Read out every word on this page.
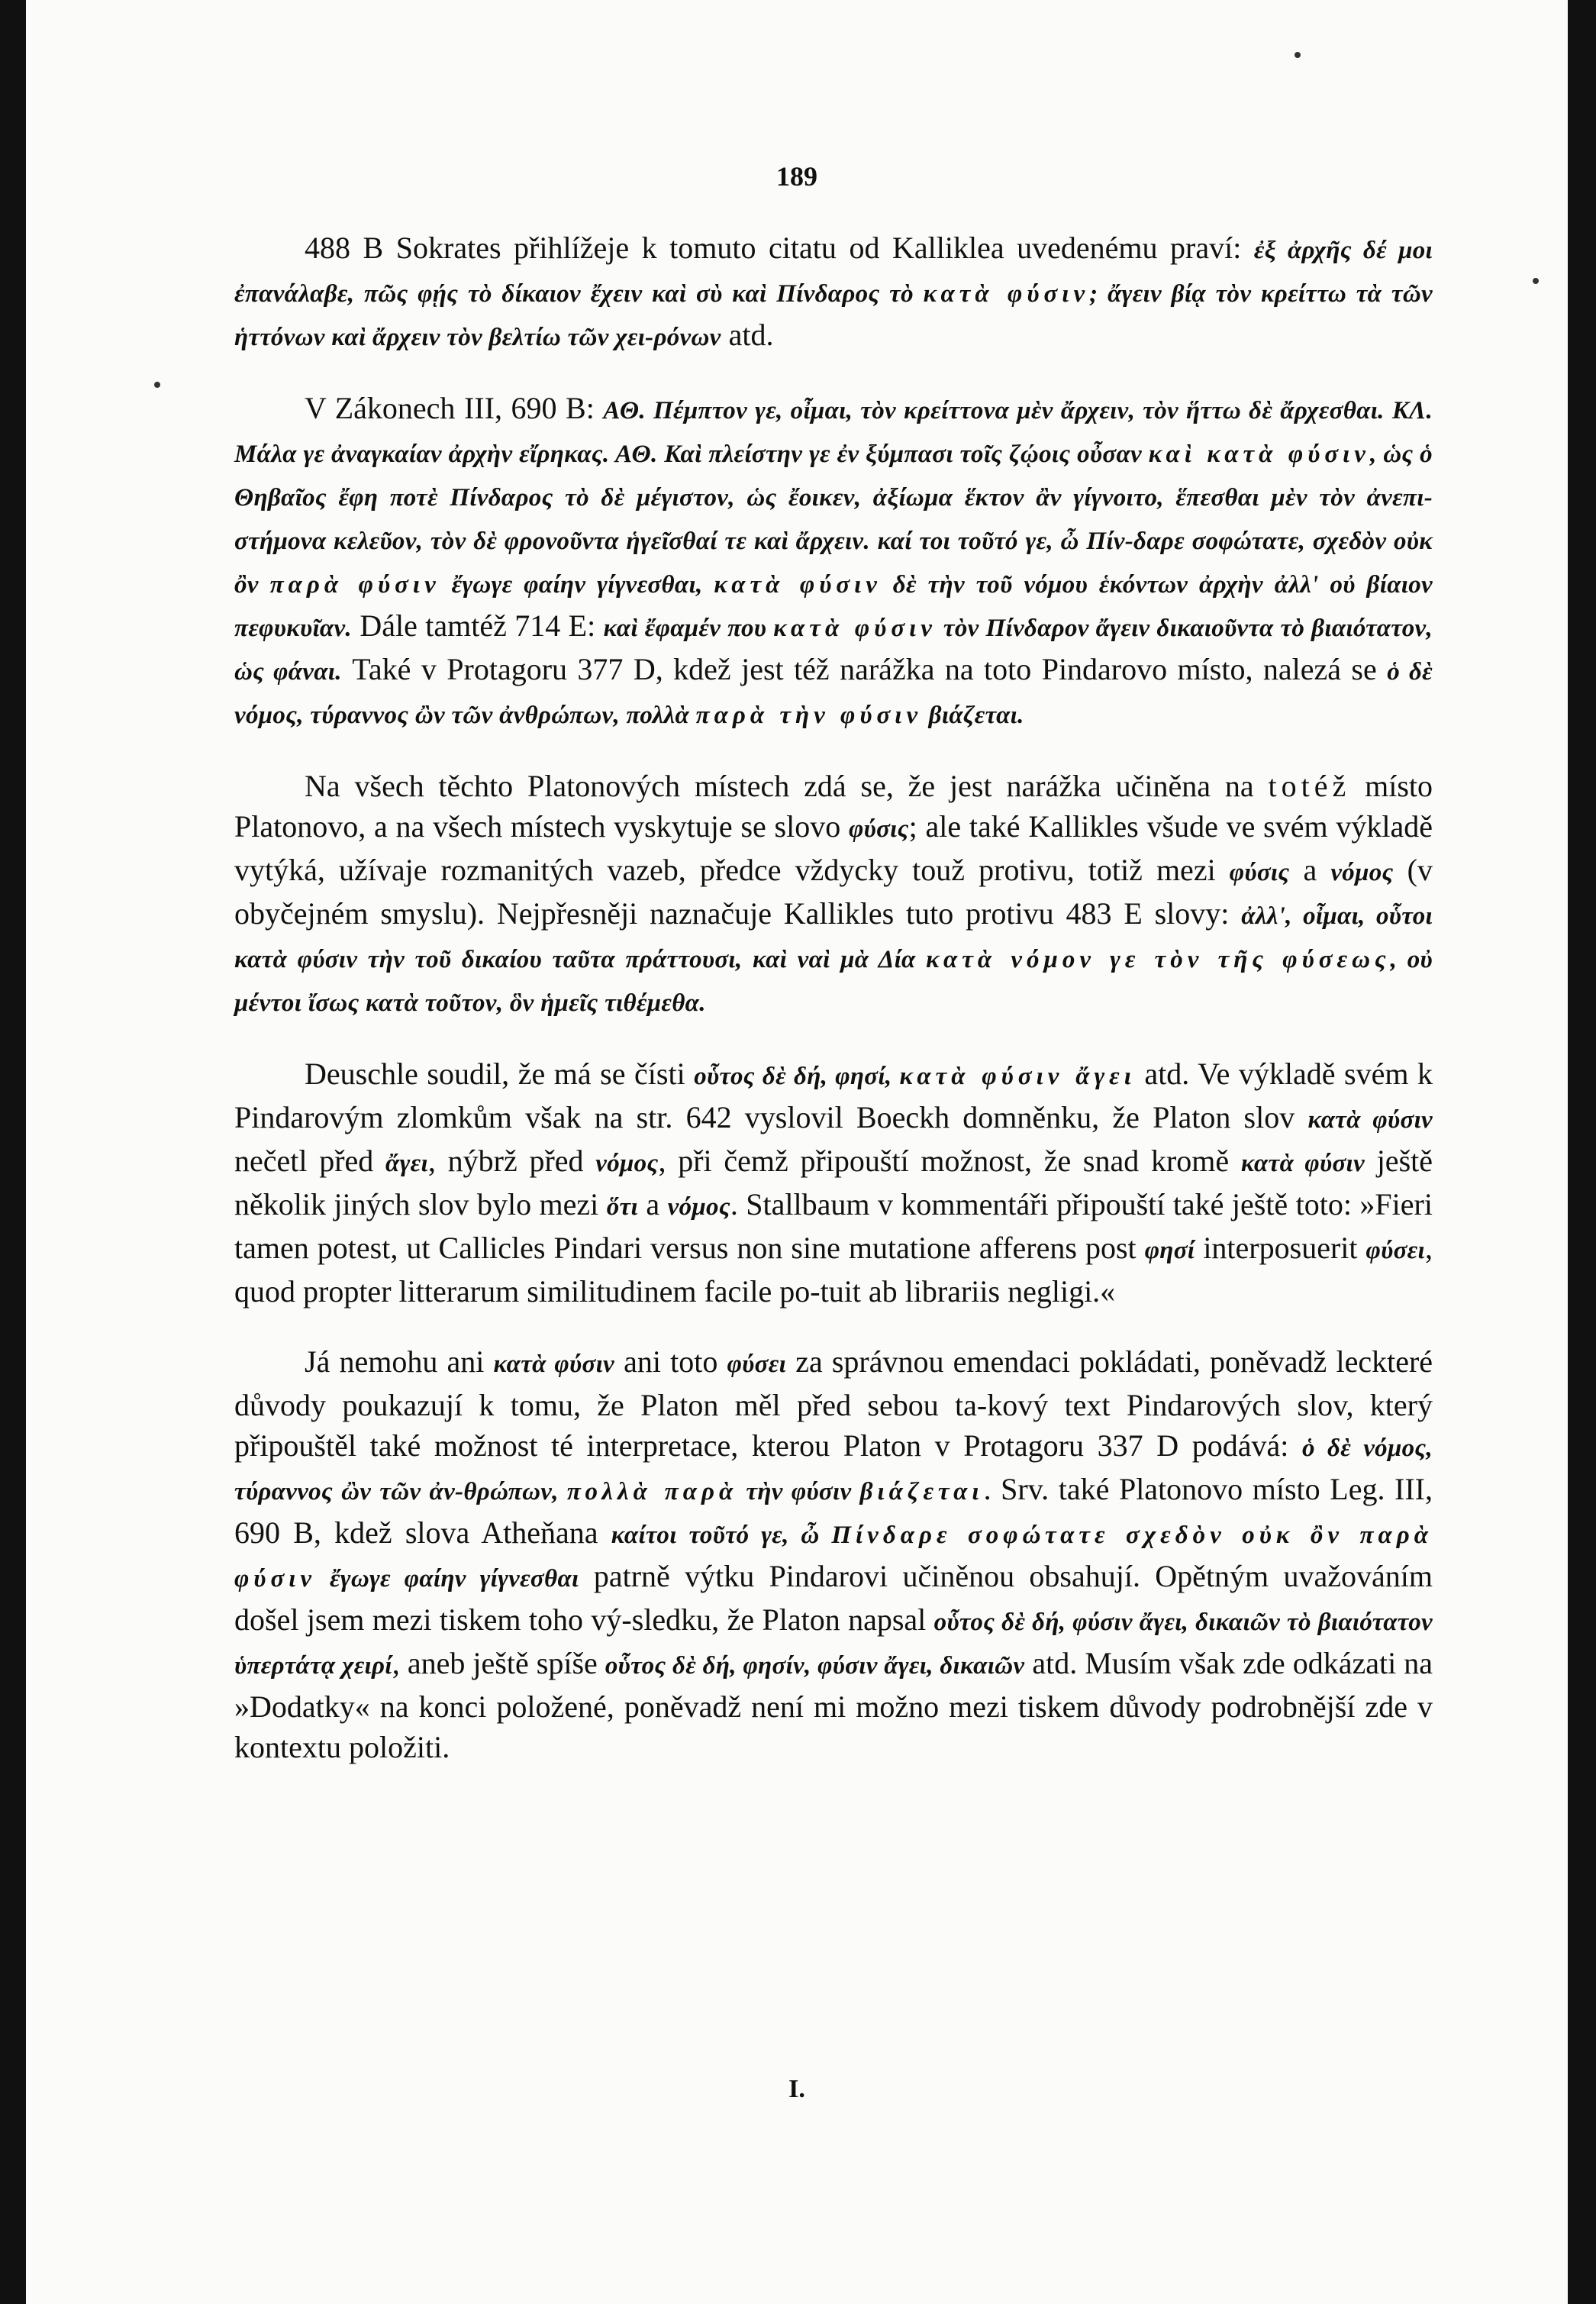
189

488 B Sokrates přihlížeje k tomuto citatu od Kalliklea uvedenému praví: ἐξ ἀρχῆς δέ μοι ἐπανάλαβε, πῶς φῄς τὸ δίκαιον ἔχειν καὶ σὺ καὶ Πίνδαρος τὸ κατὰ φύσιν; ἄγειν βίᾳ τὸν κρείττω τὰ τῶν ἡττόνων καὶ ἄρχειν τὸν βελτίω τῶν χει-ρόνων atd.

V Zákonech III, 690 B: ΑΘ. Πέμπτον γε, οἶμαι, τὸν κρείττονα μὲν ἄρχειν, τὸν ἥττω δὲ ἄρχεσθαι. ΚΛ. Μάλα γε ἀναγκαίαν ἀρχὴν εἴρηκας. ΑΘ. Καὶ πλείστην γε ἐν ξύμπασι τοῖς ζῴοις οὖσαν καὶ κατὰ φύσιν, ὡς ὁ Θηβαῖος ἔφη ποτὲ Πίνδαρος τὸ δὲ μέγιστον, ὡς ἔοικεν, ἀξίωμα ἕκτον ἂν γίγνοιτο, ἕπεσθαι μὲν τὸν ἀνεπι-στήμονα κελεῦον, τὸν δὲ φρονοῦντα ἡγεῖσθαί τε καὶ ἄρχειν. καί τοι τοῦτό γε, ὦ Πίν-δαρε σοφώτατε, σχεδὸν οὐκ ὂν παρὰ φύσιν ἔγωγε φαίην γίγνεσθαι, κατὰ φύσιν δὲ τὴν τοῦ νόμου ἑκόντων ἀρχὴν ἀλλ' οὐ βίαιον πεφυκυῖαν. Dále tamtéž 714 E: καὶ ἔφαμέν που κατὰ φύσιν τὸν Πίνδαρον ἄγειν δικαιοῦντα τὸ βιαιότατον, ὡς φάναι. Také v Protagoru 377 D, kdež jest též narážka na toto Pindarovo místo, nalezá se ὁ δὲ νόμος, τύραννος ὢν τῶν ἀνθρώπων, πολλὰ παρὰ τὴν φύσιν βιάζεται.

Na všech těchto Platonových místech zdá se, že jest narážka učiněna na totéž místo Platonovo, a na všech místech vyskytuje se slovo φύσις; ale také Kallikles všude ve svém výkladě vytýká, užívaje rozmanitých vazeb, předce vždycky touž protivu, totiž mezi φύσις a νόμος (v obyčejném smyslu). Nejpřesněji naznačuje Kallikles tuto protivu 483 E slovy: ἀλλ', οἶμαι, οὗτοι κατὰ φύσιν τὴν τοῦ δικαίου ταῦτα πράττουσι, καὶ ναὶ μὰ Δία κατὰ νόμον γε τὸν τῆς φύσεως, οὐ μέντοι ἴσως κατὰ τοῦτον, ὃν ἡμεῖς τιθέμεθα.

Deuschle soudil, že má se čísti οὗτος δὲ δή, φησί, κατὰ φύσιν ἄγει atd. Ve výkladě svém k Pindarovým zlomkům však na str. 642 vyslovil Boeckh domněnku, že Platon slov κατὰ φύσιν nečetl před ἄγει, nýbrž před νόμος, při čemž připouští možnost, že snad kromě κατὰ φύσιν ještě několik jiných slov bylo mezi ὅτι a νόμος. Stallbaum v kommentáři připouští také ještě toto: »Fieri tamen potest, ut Callicles Pindari versus non sine mutatione afferens post φησί interposuerit φύσει, quod propter litterarum similitudinem facile po-tuit ab librariis negligi.«

Já nemohu ani κατὰ φύσιν ani toto φύσει za správnou emendaci pokládati, poněvadž leckteré důvody poukazují k tomu, že Platon měl před sebou ta-kový text Pindarových slov, který připouštěl také možnost té interpretace, kterou Platon v Protagoru 337 D podává: ὁ δὲ νόμος, τύραννος ὢν τῶν ἀν-θρώπων, πολλὰ παρὰ τὴν φύσιν βιάζεται. Srv. také Platonovo místo Leg. III, 690 B, kdež slova Atheňana καίτοι τοῦτό γε, ὦ Πίνδαρε σοφώτατε σχεδὸν οὐκ ὂν παρὰ φύσιν ἔγωγε φαίην γίγνεσθαι patrně výtku Pindarovi učiněnou obsahují. Opětným uvažováním došel jsem mezi tiskem toho vý-sledku, že Platon napsal οὗτος δὲ δή, φύσιν ἄγει, δικαιῶν τὸ βιαιότατον ὑπερτάτᾳ χειρί, aneb ještě spíše οὗτος δὲ δή, φησίν, φύσιν ἄγει, δικαιῶν atd. Musím však zde odkázati na »Dodatky« na konci položené, poněvadž není mi možno mezi tiskem důvody podrobnější zde v kontextu položiti.

I.
